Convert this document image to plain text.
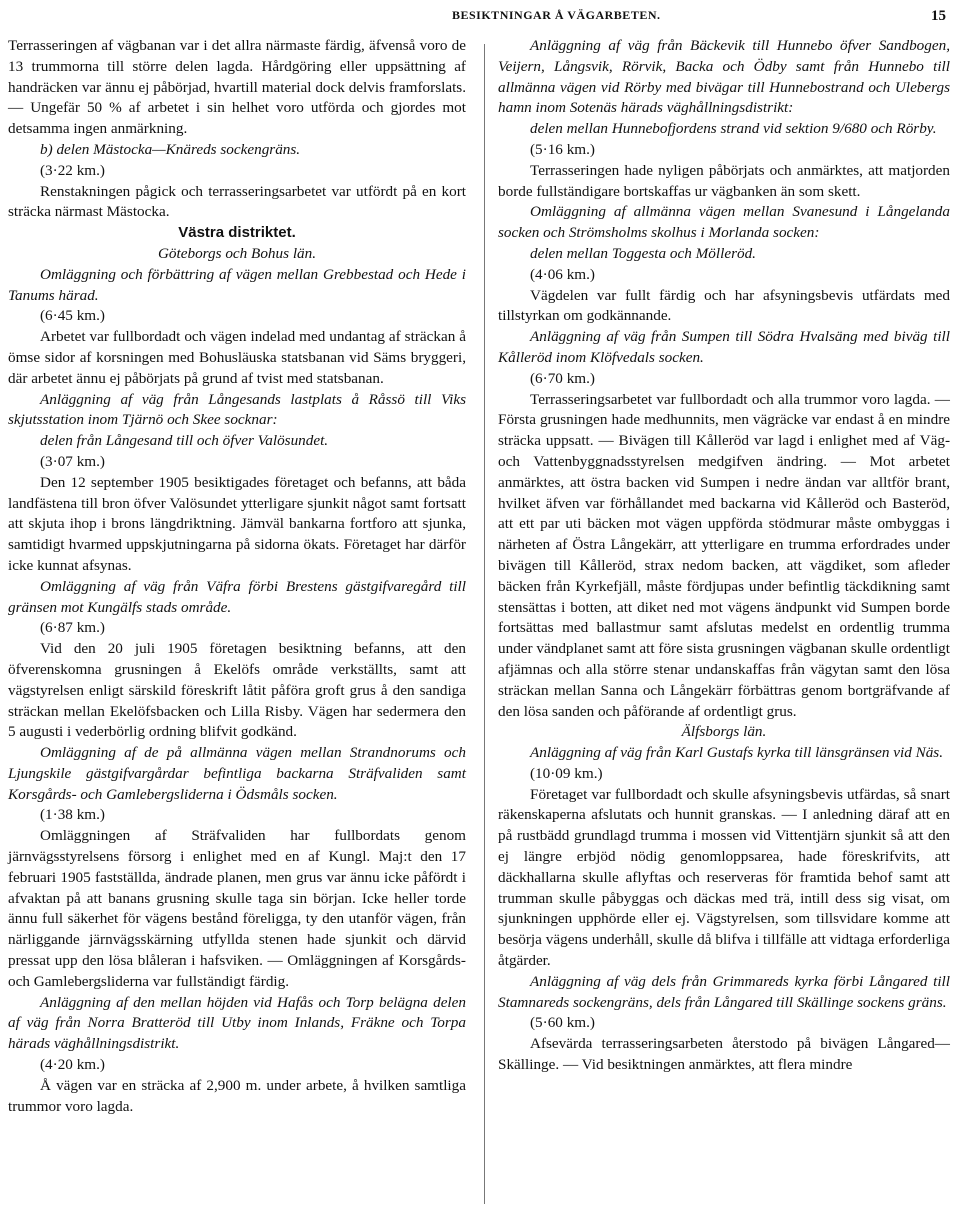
BESIKTNINGAR Å VÄGARBETEN.	15

Terrasseringen af vägbanan var i det allra närmaste färdig, äfvenså voro de 13 trummorna till större delen lagda. Hårdgöring eller uppsättning af handräcken var ännu ej påbörjad, hvartill material dock delvis framforslats. — Ungefär 50 % af arbetet i sin helhet voro utförda och gjordes mot detsamma ingen anmärkning.

b) delen Mästocka—Knäreds sockengräns.

(3·22 km.)

Renstakningen pågick och terrasseringsarbetet var utfördt på en kort sträcka närmast Mästocka.

Västra distriktet.

Göteborgs och Bohus län.

Omläggning och förbättring af vägen mellan Grebbestad och Hede i Tanums härad.

(6·45 km.)

Arbetet var fullbordadt och vägen indelad med undantag af sträckan å ömse sidor af korsningen med Bohusläuska statsbanan vid Säms bryggeri, där arbetet ännu ej påbörjats på grund af tvist med statsbanan.

Anläggning af väg från Långesands lastplats å Råssö till Viks skjutsstation inom Tjärnö och Skee socknar:

delen från Långesand till och öfver Valösundet.

(3·07 km.)

Den 12 september 1905 besiktigades företaget och befanns, att båda landfästena till bron öfver Valösundet ytterligare sjunkit något samt fortsatt att skjuta ihop i brons längdriktning. Jämväl bankarna fortforo att sjunka, samtidigt hvarmed uppskjutningarna på sidorna ökats. Företaget har därför icke kunnat afsynas.

Omläggning af väg från Väfra förbi Brestens gästgifvaregård till gränsen mot Kungälfs stads område.

(6·87 km.)

Vid den 20 juli 1905 företagen besiktning befanns, att den öfverenskomna grusningen å Ekelöfs område verkställts, samt att vägstyrelsen enligt särskild föreskrift låtit påföra groft grus å den sandiga sträckan mellan Ekelöfsbacken och Lilla Risby. Vägen har sedermera den 5 augusti i vederbörlig ordning blifvit godkänd.

Omläggning af de på allmänna vägen mellan Strandnorums och Ljungskile gästgifvargårdar befintliga backarna Sträfvaliden samt Korsgårds- och Gamlebergsliderna i Ödsmåls socken.

(1·38 km.)

Omläggningen af Sträfvaliden har fullbordats genom järnvägsstyrelsens försorg i enlighet med en af Kungl. Maj:t den 17 februari 1905 fastställda, ändrade planen, men grus var ännu icke påfördt i afvaktan på att banans grusning skulle taga sin början. Icke heller torde ännu full säkerhet för vägens bestånd föreligga, ty den utanför vägen, från närliggande järnvägsskärning utfyllda stenen hade sjunkit och därvid pressat upp den lösa blåleran i hafsviken. — Omläggningen af Korsgårds- och Gamlebergsliderna var fullständigt färdig.

Anläggning af den mellan höjden vid Hafås och Torp belägna delen af väg från Norra Bratteröd till Utby inom Inlands, Fräkne och Torpa härads väghållningsdistrikt.

(4·20 km.)

Å vägen var en sträcka af 2,900 m. under arbete, å hvilken samtliga trummor voro lagda.

Anläggning af väg från Bäckevik till Hunnebo öfver Sandbogen, Veijern, Långsvik, Rörvik, Backa och Ödby samt från Hunnebo till allmänna vägen vid Rörby med bivägar till Hunnebostrand och Ulebergs hamn inom Sotenäs härads väghållningsdistrikt:

delen mellan Hunnebofjordens strand vid sektion 9/680 och Rörby.

(5·16 km.)

Terrasseringen hade nyligen påbörjats och anmärktes, att matjorden borde fullständigare bortskaffas ur vägbanken än som skett.

Omläggning af allmänna vägen mellan Svanesund i Långelanda socken och Strömsholms skolhus i Morlanda socken:

delen mellan Toggesta och Mölleröd.

(4·06 km.)

Vägdelen var fullt färdig och har afsyningsbevis utfärdats med tillstyrkan om godkännande.

Anläggning af väg från Sumpen till Södra Hvalsäng med biväg till Kålleröd inom Klöfvedals socken.

(6·70 km.)

Terrasseringsarbetet var fullbordadt och alla trummor voro lagda. — Första grusningen hade medhunnits, men vägräcke var endast å en mindre sträcka uppsatt. — Bivägen till Kålleröd var lagd i enlighet med af Väg- och Vattenbyggnadsstyrelsen medgifven ändring. — Mot arbetet anmärktes, att östra backen vid Sumpen i nedre ändan var alltför brant, hvilket äfven var förhållandet med backarna vid Kålleröd och Basteröd, att ett par uti bäcken mot vägen uppförda stödmurar måste ombyggas i närheten af Östra Långekärr, att ytterligare en trumma erfordrades under bivägen till Kålleröd, strax nedom backen, att vägdiket, som afleder bäcken från Kyrkefjäll, måste fördjupas under befintlig täckdikning samt stensättas i botten, att diket ned mot vägens ändpunkt vid Sumpen borde fortsättas med ballastmur samt afslutas medelst en ordentlig trumma under vändplanet samt att före sista grusningen vägbanan skulle ordentligt afjämnas och alla större stenar undanskaffas från vägytan samt den lösa sträckan mellan Sanna och Långekärr förbättras genom bortgräfvande af den lösa sanden och påförande af ordentligt grus.

Älfsborgs län.

Anläggning af väg från Karl Gustafs kyrka till länsgränsen vid Näs.

(10·09 km.)

Företaget var fullbordadt och skulle afsyningsbevis utfärdas, så snart räkenskaperna afslutats och hunnit granskas. — I anledning däraf att en på rustbädd grundlagd trumma i mossen vid Vittentjärn sjunkit så att den ej längre erbjöd nödig genomloppsarea, hade föreskrifvits, att däckhallarna skulle aflyftas och reserveras för framtida behof samt att trumman skulle påbyggas och däckas med trä, intill dess sig visat, om sjunkningen upphörde eller ej. Vägstyrelsen, som tillsvidare komme att besörja vägens underhåll, skulle då blifva i tillfälle att vidtaga erforderliga åtgärder.

Anläggning af väg dels från Grimmareds kyrka förbi Långared till Stamnareds sockengräns, dels från Långared till Skällinge sockens gräns.

(5·60 km.)

Afsevärda terrasseringsarbeten återstodo på bivägen Långared—Skällinge. — Vid besiktningen anmärktes, att flera mindre
